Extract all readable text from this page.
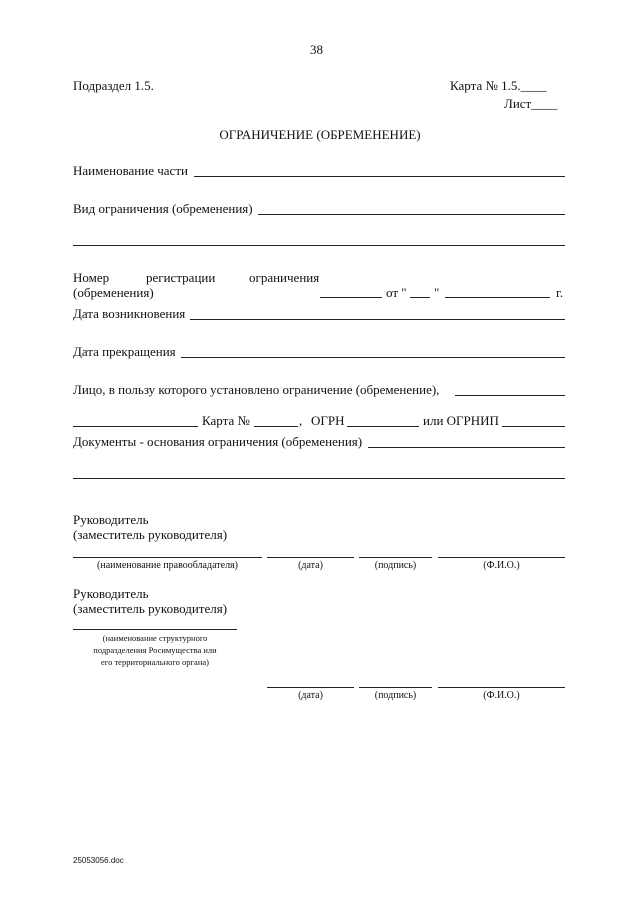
38
Подраздел 1.5.	Карта № 1.5.____
Лист____
ОГРАНИЧЕНИЕ (ОБРЕМЕНЕНИЕ)
Наименование части
Вид ограничения (обременения)
Номер	регистрации	ограничения
(обременения)	от " "	г.
Дата возникновения
Дата прекращения
Лицо, в пользу которого установлено ограничение (обременение),
Карта №	, ОГРН	или ОГРНИП
Документы - основания ограничения (обременения)
Руководитель
(заместитель руководителя)
(наименование правообладателя)	(дата)	(подпись)	(Ф.И.О.)
Руководитель
(заместитель руководителя)
(наименование структурного
подразделения Росимущества или
его территориального органа)
(дата)	(подпись)	(Ф.И.О.)
25053056.doc
